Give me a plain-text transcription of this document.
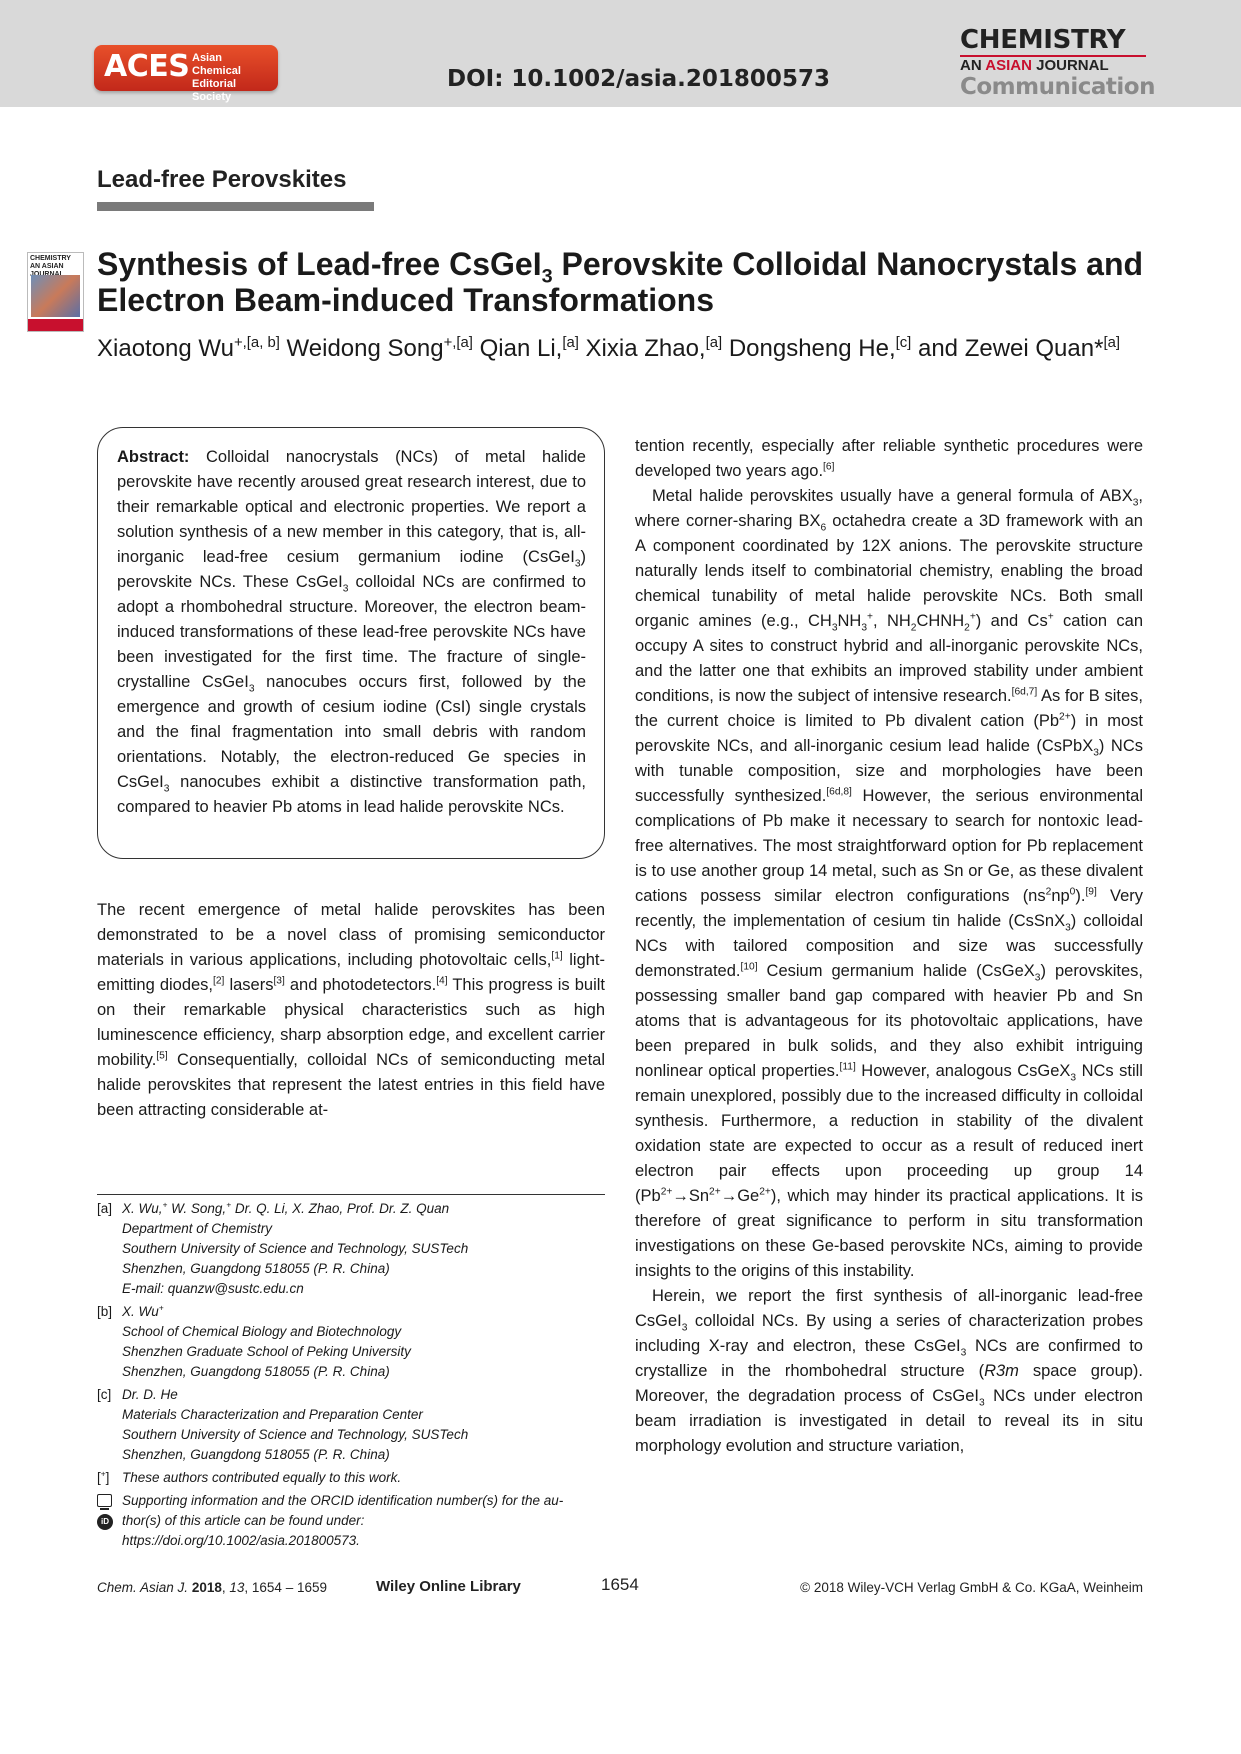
ACES Asian Chemical Editorial Society
DOI: 10.1002/asia.201800573
CHEMISTRY
AN ASIAN JOURNAL
Communication
Lead-free Perovskites
CHEMISTRY AN ASIAN	Synthesis of Lead-free CsGeI$_3$ Perovskite Colloidal Nanocrystals and Electron Beam-induced Transformations
Xiaotong $Wu^{+,[a, b]}$ Weidong Song$^{+,[a]}$ Qian Li,[a] Xixia Zhao,[a] Dongsheng He,[c] and Zewei Quan*[a]
Abstract: Colloidal nanocrystals (NCs) of metal halide perovskite have recently aroused great research interest, due to their remarkable optical and electronic properties. We report a solution synthesis of a new member in this category, that is, all-inorganic lead-free cesium germanium iodine (CsGeI$_3$) perovskite NCs. These CsGeI$_3$ colloidal NCs are confirmed to adopt a rhombohedral structure. Moreover, the electron beam-induced transformations of these lead-free perovskite NCs have been investigated for the first time. The fracture of single-crystalline CsGeI$_3$ nanocubes occurs first, followed by the emergence and growth of cesium iodine (CsI) single crystals and the final fragmentation into small debris with random orientations. Notably, the electron-reduced Ge species in CsGeI$_3$ nanocubes exhibit a distinctive transformation path, compared to heavier Pb atoms in lead halide perovskite NCs.
The recent emergence of metal halide perovskites has been demonstrated to be a novel class of promising semiconductor materials in various applications, including photovoltaic cells,[1] light-emitting diodes,[2] lasers[3] and photodetectors.[4] This progress is built on their remarkable physical characteristics such as high luminescence efficiency, sharp absorption edge, and excellent carrier mobility.[5] Consequentially, colloidal NCs of semiconducting metal halide perovskites that represent the latest entries in this field have been attracting considerable at-
tention recently, especially after reliable synthetic procedures were developed two years ago.[6]
Metal halide perovskites usually have a general formula of $ABX_3$, where corner-sharing $BX_6$ octahedra create a 3D framework with an A component coordinated by 12X anions. The perovskite structure naturally lends itself to combinatorial chemistry, enabling the broad chemical tunability of metal halide perovskite NCs. Both small organic amines (e.g., $CH_3NH_3^+$, $NH_2CHNH_2^+$) and Cs+ cation can occupy A sites to construct hybrid and all-inorganic perovskite NCs, and the latter one that exhibits an improved stability under ambient conditions, is now the subject of intensive research.[6d,7] As for B sites, the current choice is limited to Pb divalent cation $(Pb^{2+})$ in most perovskite NCs, and all-inorganic cesium lead halide (CsPbX$_3$) NCs with tunable composition, size and morphologies have been successfully synthesized.[6d,8] However, the serious environmental complications of Pb make it necessary to search for nontoxic lead-free alternatives. The most straightforward option for Pb replacement is to use another group 14 metal, such as Sn or Ge, as these divalent cations possess similar electron configurations $(ns^2np^0).[9]$ Very recently, the implementation of cesium tin halide (CsSnX$_3$) colloidal NCs with tailored composition and size was successfully demonstrated.[10] Cesium germanium halide (CsGeX$_3$) perovskites, possessing smaller band gap compared with heavier Pb and Sn atoms that is advantageous for its photovoltaic applications, have been prepared in bulk solids, and they also exhibit intriguing nonlinear optical properties.[11] However, analogous CsGeX$_3$ NCs still remain unexplored, possibly due to the increased difficulty in colloidal synthesis. Furthermore, a reduction in stability of the divalent oxidation state are expected to occur as a result of reduced inert electron pair effects upon proceeding up group 14 $(Pb^{2+}\to Sn^{2+}\to Ge^{2+})$, which may hinder its practical applications. It is therefore of great significance to perform in situ transformation investigations on these Ge-based perovskite NCs, aiming to provide insights to the origins of this instability.
Herein, we report the first synthesis of all-inorganic lead-free CsGeI$_3$ colloidal NCs. By using a series of characterization probes including X-ray and electron, these CsGeI$_3$ NCs are confirmed to crystallize in the rhombohedral structure (R3m space group). Moreover, the degradation process of CsGeI$_3$ NCs under electron beam irradiation is investigated in detail to reveal its in situ morphology evolution and structure variation,
[a] X. Wu,+ W. Song,+ Dr. Q. Li, X. Zhao, Prof. Dr. Z. Quan
Department of Chemistry
Southern University of Science and Technology, SUSTech
Shenzhen, Guangdong 518055 (P. R. China)
E-mail: quanzw@sustc.edu.cn
[b] X. Wu+
School of Chemical Biology and Biotechnology
Shenzhen Graduate School of Peking University
Shenzhen, Guangdong 518055 (P. R. China)
[c] Dr. D. He
Materials Characterization and Preparation Center
Southern University of Science and Technology, SUSTech
Shenzhen, Guangdong 518055 (P. R. China)
[+] These authors contributed equally to this work.
iD
Supporting information and the ORCID identification number(s) for the au-
thor(s) of this article can be found under:
https://doi.org/10.1002/asia.201800573.
Chem. Asian J. 2018, 13, 1654 – 1659	Wiley Online Library	1654	© 2018 Wiley-VCH Verlag GmbH & Co. KGaA, Weinheim
